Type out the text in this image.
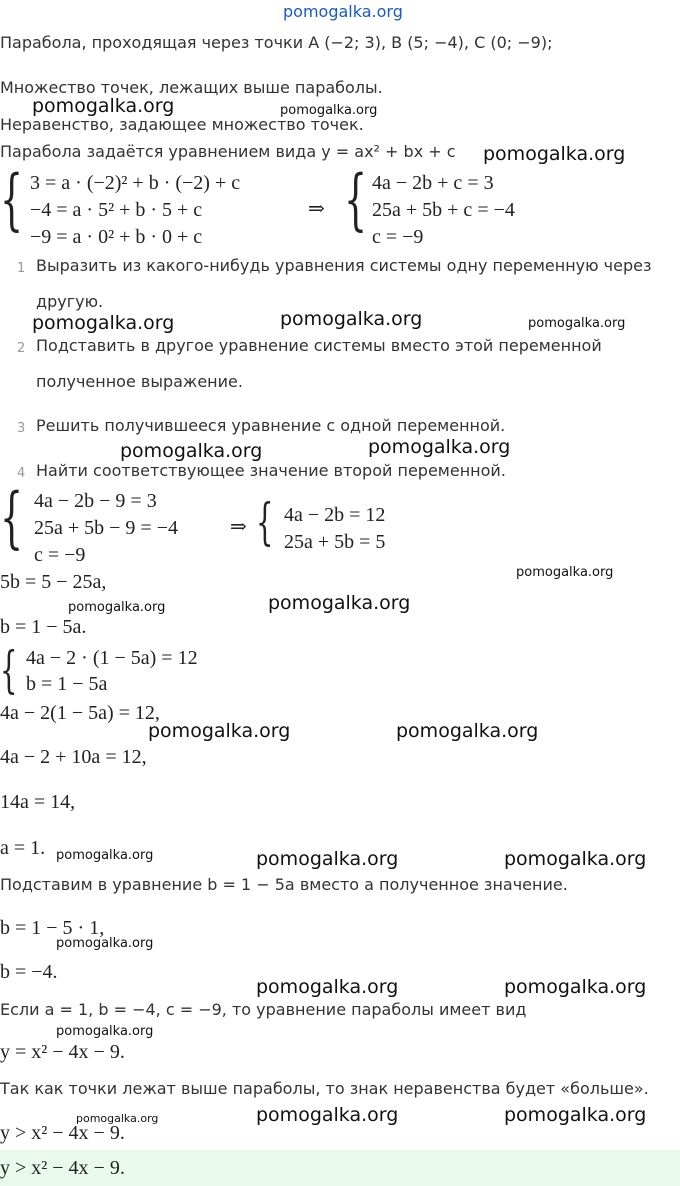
pomogalka.org
Парабола, проходящая через точки A (−2; 3), B (5; −4), C (0; −9);
Множество точек, лежащих выше параболы.
Неравенство, задающее множество точек.
Парабола задаётся уравнением вида y = ax² + bx + c
{ 3 = a · (−2)² + b · (−2) + c
−4 = a · 5² + b · 5 + c
−9 = a · 0² + b · 0 + c
⇒ { 4a − 2b + c = 3
25a + 5b + c = −4
c = −9
1 Выразить из какого-нибудь уравнения системы одну переменную через
другую.
2 Подставить в другое уравнение системы вместо этой переменной
полученное выражение.
3 Решить получившееся уравнение с одной переменной.
4 Найти соответствующее значение второй переменной.
{ 4a − 2b − 9 = 3
25a + 5b − 9 = −4
c = −9
⇒ { 4a − 2b = 12
25a + 5b = 5
5b = 5 − 25a,
b = 1 − 5a.
{ 4a − 2 · (1 − 5a) = 12
b = 1 − 5a
4a − 2(1 − 5a) = 12,
4a − 2 + 10a = 12,
14a = 14,
a = 1.
Подставим в уравнение b = 1 − 5a вместо a полученное значение.
b = 1 − 5 · 1,
b = −4.
Если a = 1, b = −4, c = −9, то уравнение параболы имеет вид
y = x² − 4x − 9.
Так как точки лежат выше параболы, то знак неравенства будет «больше».
y > x² − 4x − 9.
y > x² − 4x − 9.
pomogalka.org	pomogalka.org
pomogalka.org
pomogalka.org	pomogalka.org	pomogalka.org
pomogalka.org	pomogalka.org
pomogalka.org
pomogalka.org	pomogalka.org
pomogalka.org	pomogalka.org
pomogalka.org	pomogalka.org	pomogalka.org
pomogalka.org
pomogalka.org	pomogalka.org
pomogalka.org
pomogalka.org	pomogalka.org	pomogalka.org
